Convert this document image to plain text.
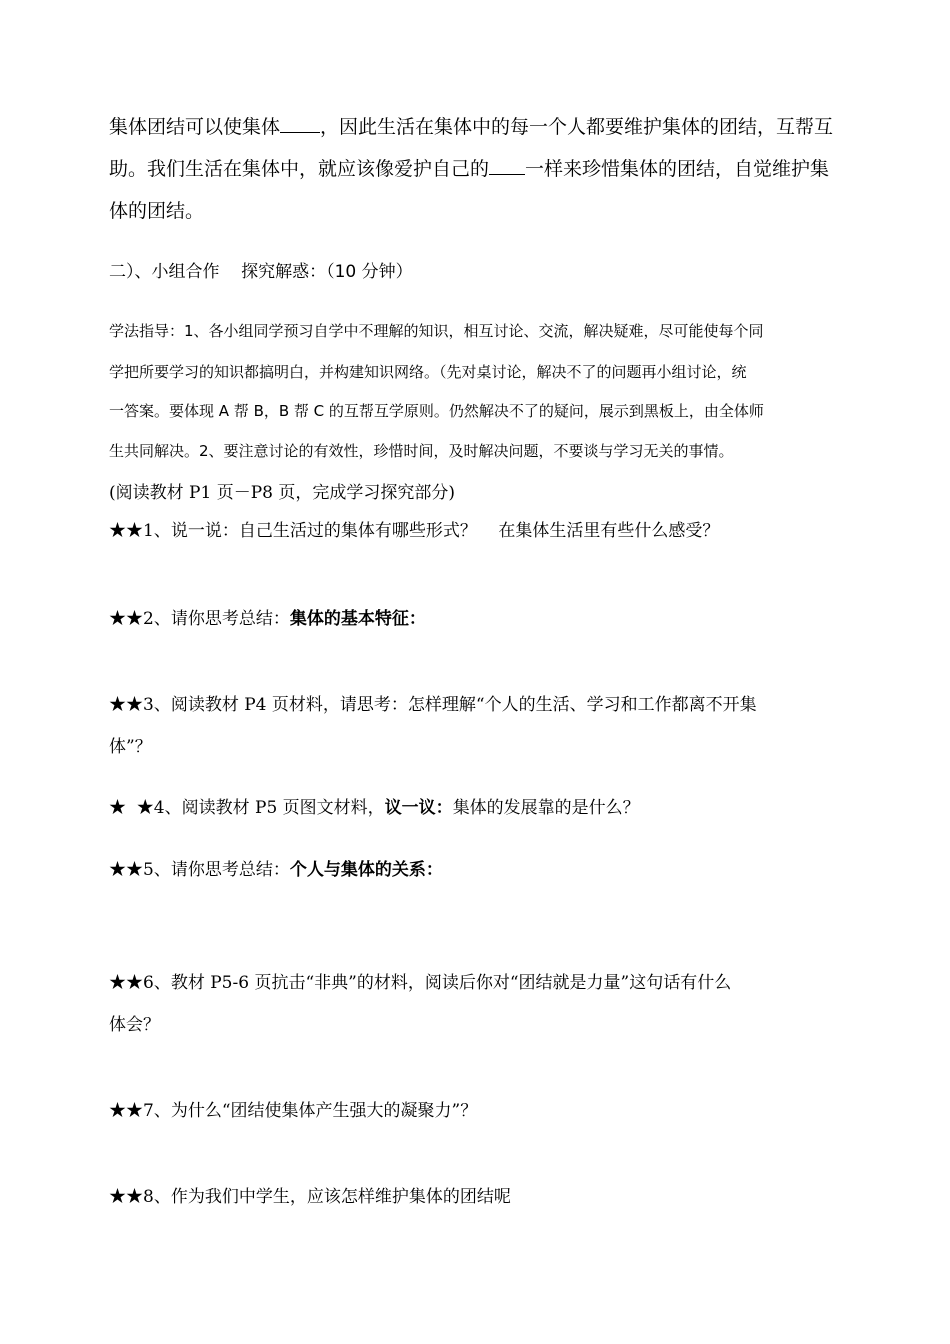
集体团结可以使集体 ，因此生活在集体中的每一个人都要维护集体的团结，互帮互
助。我们生活在集体中，就应该像爱护自己的 一样来珍惜集体的团结，自觉维护集
体的团结。
二）、小组合作    探究解惑：（10 分钟）
学法指导：1、各小组同学预习自学中不理解的知识，相互讨论、交流，解决疑难，尽可能使每个同
学把所要学习的知识都搞明白，并构建知识网络。（先对桌讨论，解决不了的问题再小组讨论，统
一答案。要体现 A 帮 B，B 帮 C 的互帮互学原则。仍然解决不了的疑问，展示到黑板上，由全体师
生共同解决。2、要注意讨论的有效性，珍惜时间，及时解决问题，不要谈与学习无关的事情。
(阅读教材 P1 页－P8 页，完成学习探究部分)
★★1、说一说：自己生活过的集体有哪些形式？    在集体生活里有些什么感受？
★★2、请你思考总结：集体的基本特征：
★★3、阅读教材 P4 页材料，请思考：怎样理解“个人的生活、学习和工作都离不开集
体”？
★  ★4、阅读教材 P5 页图文材料，议一议：集体的发展靠的是什么？
★★5、请你思考总结：个人与集体的关系：
★★6、教材 P5-6 页抗击“非典”的材料，阅读后你对“团结就是力量”这句话有什么
体会？
★★7、为什么“团结使集体产生强大的凝聚力”？
★★8、作为我们中学生，应该怎样维护集体的团结呢
